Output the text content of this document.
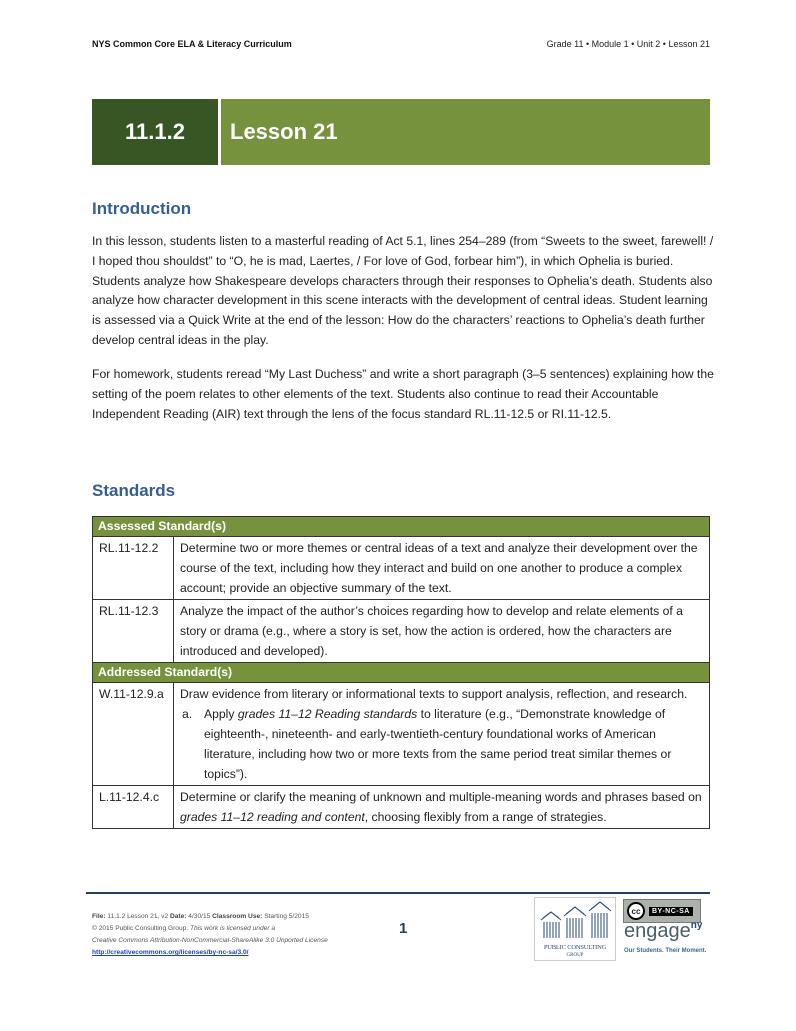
NYS Common Core ELA & Literacy Curriculum	Grade 11 • Module 1 • Unit 2 • Lesson 21
11.1.2	Lesson 21
Introduction

In this lesson, students listen to a masterful reading of Act 5.1, lines 254–289 (from “Sweets to the sweet, farewell! / I hoped thou shouldst” to “O, he is mad, Laertes, / For love of God, forbear him”), in which Ophelia is buried. Students analyze how Shakespeare develops characters through their responses to Ophelia’s death. Students also analyze how character development in this scene interacts with the development of central ideas. Student learning is assessed via a Quick Write at the end of the lesson: How do the characters’ reactions to Ophelia’s death further develop central ideas in the play.

For homework, students reread “My Last Duchess” and write a short paragraph (3–5 sentences) explaining how the setting of the poem relates to other elements of the text. Students also continue to read their Accountable Independent Reading (AIR) text through the lens of the focus standard RL.11-12.5 or RI.11-12.5.

Standards
Assessed Standard(s)	
RL.11-12.2	Determine two or more themes or central ideas of a text and analyze their development over the course of the text, including how they interact and build on one another to produce a complex account; provide an objective summary of the text.
RL.11-12.3	Analyze the impact of the author’s choices regarding how to develop and relate elements of a story or drama (e.g., where a story is set, how the action is ordered, how the characters are introduced and developed).
Addressed Standard(s)	
W.11-12.9.a	Draw evidence from literary or informational texts to support analysis, reflection, and research.
a. Apply grades 11–12 Reading standards to literature (e.g., “Demonstrate knowledge of eighteenth-, nineteenth- and early-twentieth-century foundational works of American literature, including how two or more texts from the same period treat similar themes or topics”).

L.11-12.4.c	Determine or clarify the meaning of unknown and multiple-meaning words and phrases based on grades 11–12 reading and content, choosing flexibly from a range of strategies.
File: 11.1.2 Lesson 21, v2 Date: 4/30/15 Classroom Use: Starting 5/2015
© 2015 Public Consulting Group. This work is licensed under a
Creative Commons Attribution-NonCommercial-ShareAlike 3.0 Unported License
http://creativecommons.org/licenses/by-nc-sa/3.0/
1
PUBLIC CONSULTING
GROUP
cc	BY-NC-SA
engage$^{ny}$
Our Students. Their Moment.
